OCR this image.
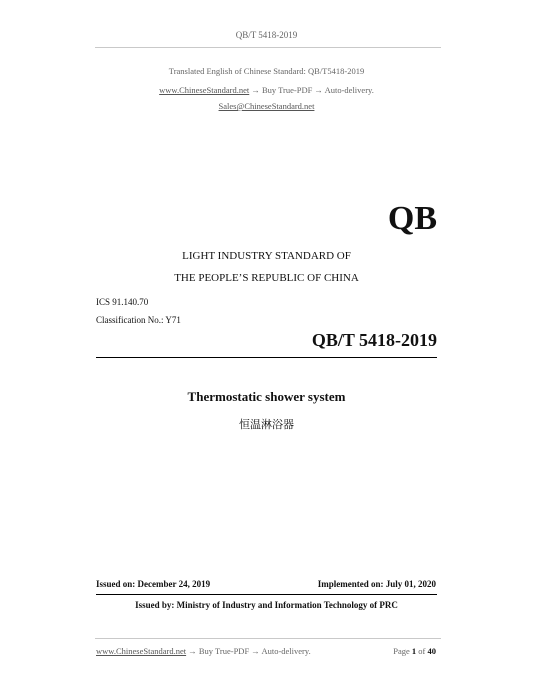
QB/T 5418-2019
Translated English of Chinese Standard: QB/T5418-2019
www.ChineseStandard.net → Buy True-PDF → Auto-delivery.
Sales@ChineseStandard.net
QB
LIGHT INDUSTRY STANDARD OF
THE PEOPLE’S REPUBLIC OF CHINA
ICS 91.140.70
Classification No.: Y71
QB/T 5418-2019
Thermostatic shower system
恒温淋浴器
Issued on: December 24, 2019	Implemented on: July 01, 2020
Issued by: Ministry of Industry and Information Technology of PRC
www.ChineseStandard.net → Buy True-PDF → Auto-delivery.	Page 1 of 40
